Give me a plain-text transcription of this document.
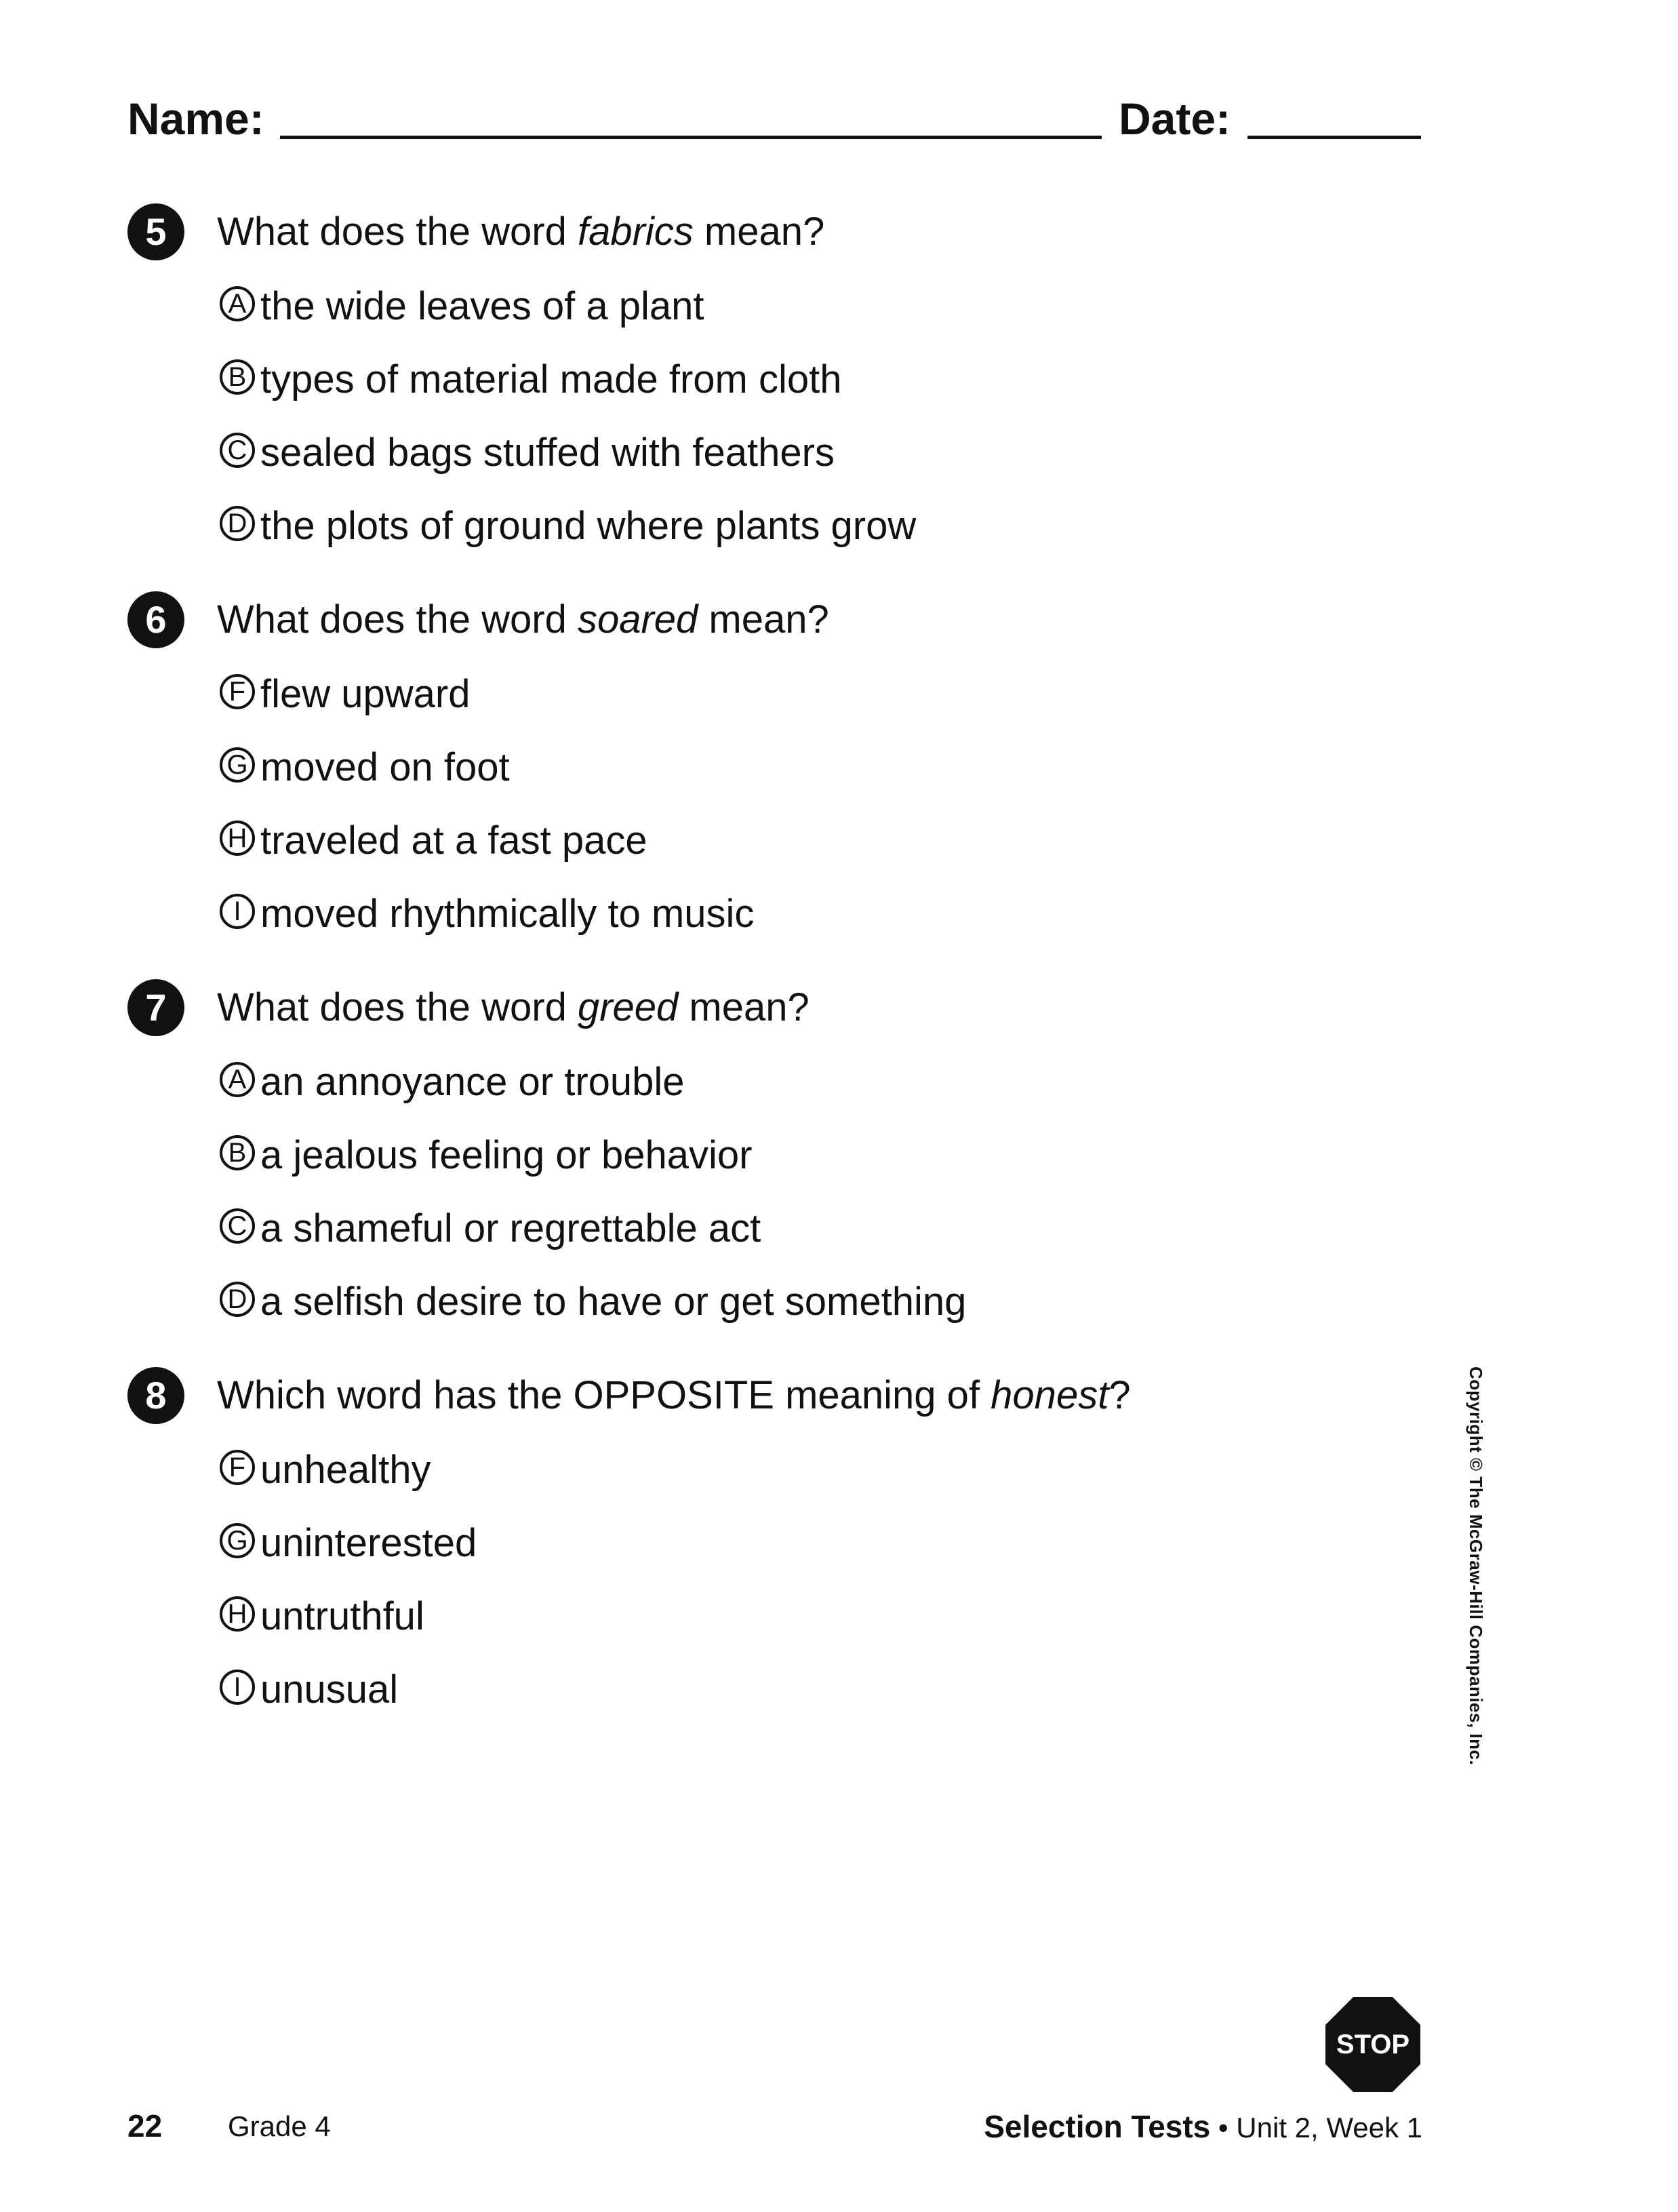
Name:	Date:
5	What does the word fabrics mean?
A the wide leaves of a plant
B types of material made from cloth
C sealed bags stuffed with feathers
D the plots of ground where plants grow
6	What does the word soared mean?
F flew upward
G moved on foot
H traveled at a fast pace
I moved rhythmically to music
7	What does the word greed mean?
A an annoyance or trouble
B a jealous feeling or behavior
C a shameful or regrettable act
D a selfish desire to have or get something
8	Which word has the OPPOSITE meaning of honest?
F unhealthy
G uninterested
H untruthful
I unusual	Copyright © The McGraw-Hill Companies, Inc.
STOP
22 Grade 4	Selection Tests • Unit 2, Week 1
